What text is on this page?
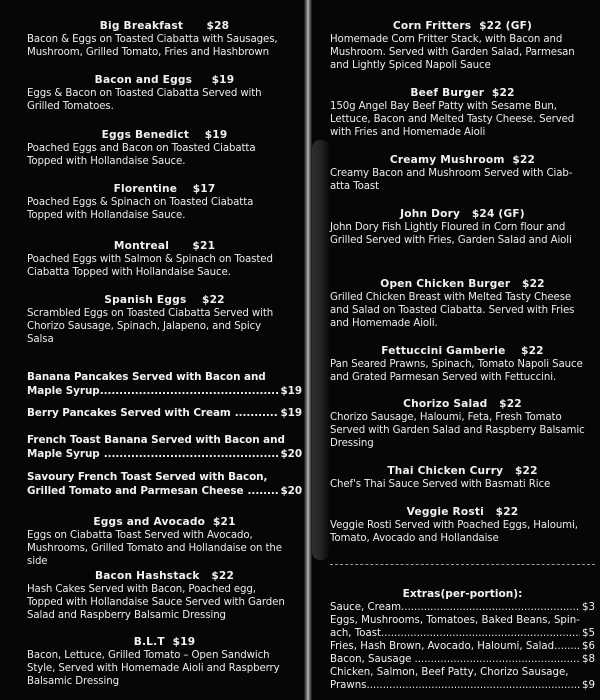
Big Breakfast $28
Bacon & Eggs on Toasted Ciabatta with Sausages,
Mushroom, Grilled Tomato, Fries and Hashbrown
Bacon and Eggs $19
Eggs & Bacon on Toasted Ciabatta Served with
Grilled Tomatoes.
Eggs Benedict $19
Poached Eggs and Bacon on Toasted Ciabatta
Topped with Hollandaise Sauce.
Florentine $17
Poached Eggs & Spinach on Toasted Ciabatta
Topped with Hollandaise Sauce.
Montreal $21
Poached Eggs with Salmon & Spinach on Toasted
Ciabatta Topped with Hollandaise Sauce.
Spanish Eggs $22
Scrambled Eggs on Toasted Ciabatta Served with
Chorizo Sausage, Spinach, Jalapeno, and Spicy
Salsa
Banana Pancakes Served with Bacon and
Maple Syrup .....	$19
Berry Pancakes Served with Cream .....	$19
French Toast Banana Served with Bacon and
Maple Syrup .....	$20
Savoury French Toast Served with Bacon,
Grilled Tomato and Parmesan Cheese .....	$20
Eggs and Avocado $21
Eggs on Ciabatta Toast Served with Avocado,
Mushrooms, Grilled Tomato and Hollandaise on the
side
Bacon Hashstack $22
Hash Cakes Served with Bacon, Poached egg,
Topped with Hollandaise Sauce Served with Garden
Salad and Raspberry Balsamic Dressing
B.L.T $19
Bacon, Lettuce, Grilled Tomato – Open Sandwich
Style, Served with Homemade Aioli and Raspberry
Balsamic Dressing
Corn Fritters $22 (GF)
Homemade Corn Fritter Stack, with Bacon and
Mushroom. Served with Garden Salad, Parmesan
and Lightly Spiced Napoli Sauce
Beef Burger $22
150g Angel Bay Beef Patty with Sesame Bun,
Lettuce, Bacon and Melted Tasty Cheese. Served
with Fries and Homemade Aioli
Creamy Mushroom $22
Creamy Bacon and Mushroom Served with Ciab-
atta Toast
John Dory $24 (GF)
John Dory Fish Lightly Floured in Corn flour and
Grilled Served with Fries, Garden Salad and Aioli
Open Chicken Burger $22
Grilled Chicken Breast with Melted Tasty Cheese
and Salad on Toasted Ciabatta. Served with Fries
and Homemade Aioli.
Fettuccini Gamberie $22
Pan Seared Prawns, Spinach, Tomato Napoli Sauce
and Grated Parmesan Served with Fettuccini.
Chorizo Salad $22
Chorizo Sausage, Haloumi, Feta, Fresh Tomato
Served with Garden Salad and Raspberry Balsamic
Dressing
Thai Chicken Curry $22
Chef's Thai Sauce Served with Basmati Rice
Veggie Rosti $22
Veggie Rosti Served with Poached Eggs, Haloumi,
Tomato, Avocado and Hollandaise
Extras(per-portion):
Sauce, Cream .....	$3
Eggs, Mushrooms, Tomatoes, Baked Beans, Spin-
ach, Toast .....	$5
Fries, Hash Brown, Avocado, Haloumi, Salad .....	$6
Bacon, Sausage .....	$8
Chicken, Salmon, Beef Patty, Chorizo Sausage,
Prawns .....	$9
